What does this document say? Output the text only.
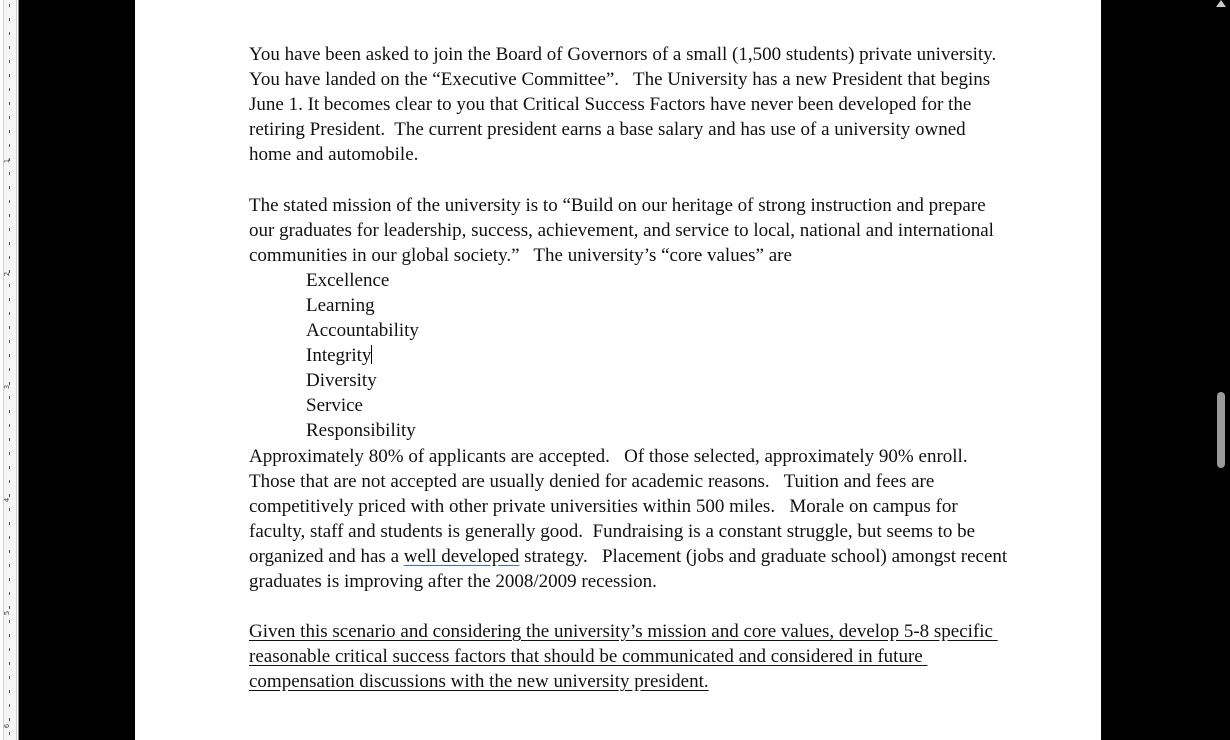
1
2
3
4
5
6

You have been asked to join the Board of Governors of a small (1,500 students) private university.   You have landed on the “Executive Committee”.   The University has a new President that begins June 1. It becomes clear to you that Critical Success Factors have never been developed for the retiring President.  The current president earns a base salary and has use of a university owned home and automobile.

The stated mission of the university is to “Build on our heritage of strong instruction and prepare our graduates for leadership, success, achievement, and service to local, national and international communities in our global society.”   The university’s “core values” are

Excellence
Learning
Accountability
Integrity
Diversity
Service
Responsibility

Approximately 80% of applicants are accepted.   Of those selected, approximately 90% enroll. Those that are not accepted are usually denied for academic reasons.   Tuition and fees are competitively priced with other private universities within 500 miles.   Morale on campus for faculty, staff and students is generally good.  Fundraising is a constant struggle, but seems to be organized and has a well developed strategy.   Placement (jobs and graduate school) amongst recent graduates is improving after the 2008/2009 recession.

Given this scenario and considering the university’s mission and core values, develop 5-8 specific reasonable critical success factors that should be communicated and considered in future compensation discussions with the new university president.
